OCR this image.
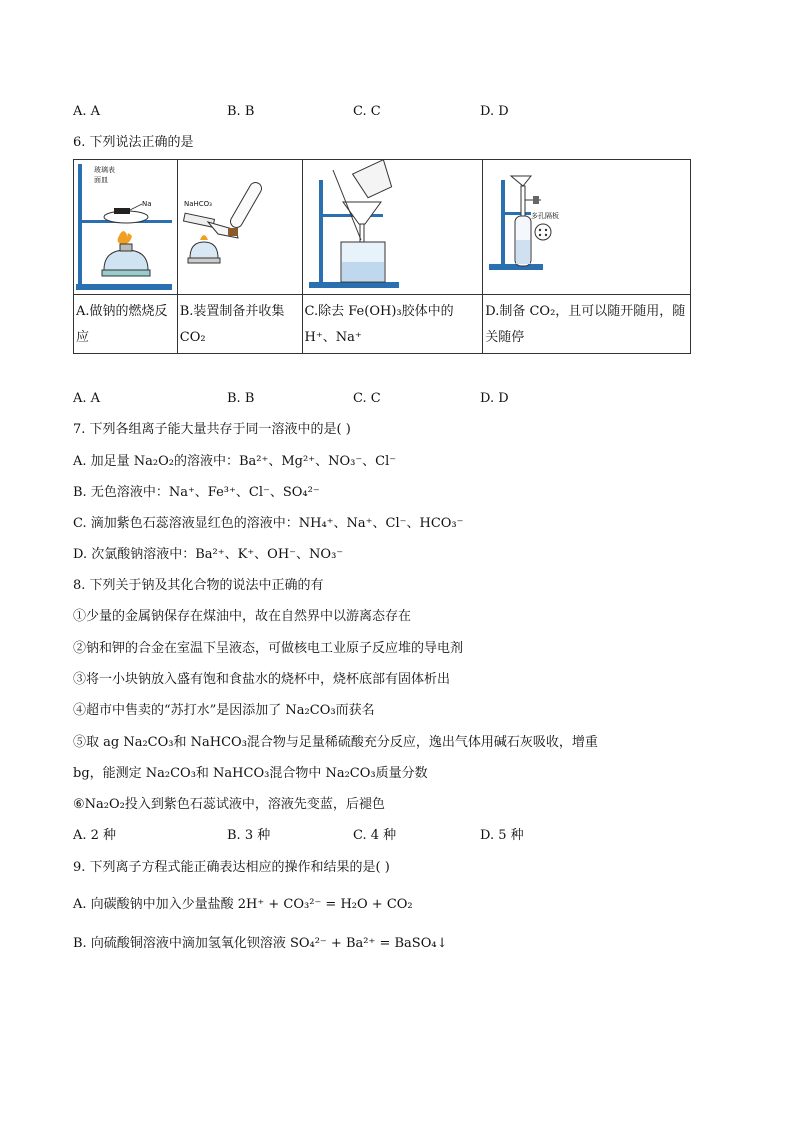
A. A	B. B	C. C	D. D
6. 下列说法正确的是
玻璃表
面皿
Na	NaHCO₃		多孔隔板

A.做钠的燃烧反应	B.装置制备并收集 CO₂	C.除去 Fe(OH)₃胶体中的 H⁺、Na⁺	D.制备 CO₂，且可以随开随用，随关随停
A. A	B. B	C. C	D. D
7. 下列各组离子能大量共存于同一溶液中的是( )
A. 加足量 Na₂O₂的溶液中：Ba²⁺、Mg²⁺、NO₃⁻、Cl⁻
B. 无色溶液中：Na⁺、Fe³⁺、Cl⁻、SO₄²⁻
C. 滴加紫色石蕊溶液显红色的溶液中：NH₄⁺、Na⁺、Cl⁻、HCO₃⁻
D. 次氯酸钠溶液中：Ba²⁺、K⁺、OH⁻、NO₃⁻
8. 下列关于钠及其化合物的说法中正确的有
①少量的金属钠保存在煤油中，故在自然界中以游离态存在
②钠和钾的合金在室温下呈液态，可做核电工业原子反应堆的导电剂
③将一小块钠放入盛有饱和食盐水的烧杯中，烧杯底部有固体析出
④超市中售卖的“苏打水”是因添加了 Na₂CO₃而获名
⑤取 ag Na₂CO₃和 NaHCO₃混合物与足量稀硫酸充分反应，逸出气体用碱石灰吸收，增重
bg，能测定 Na₂CO₃和 NaHCO₃混合物中 Na₂CO₃质量分数
⑥Na₂O₂投入到紫色石蕊试液中，溶液先变蓝，后褪色
A. 2 种	B. 3 种	C. 4 种	D. 5 种
9. 下列离子方程式能正确表达相应的操作和结果的是( )
A. 向碳酸钠中加入少量盐酸 2H⁺ + CO₃²⁻ = H₂O + CO₂
B. 向硫酸铜溶液中滴加氢氧化钡溶液 SO₄²⁻ + Ba²⁺ = BaSO₄↓
